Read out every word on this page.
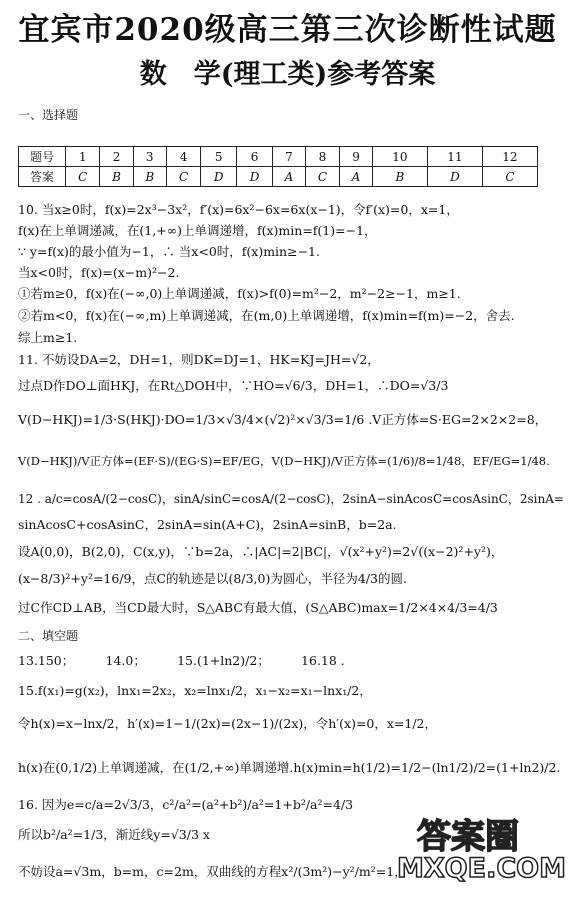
宜宾市2020级高三第三次诊断性试题
数　学(理工类)参考答案
一、选择题
题号	1	2	3	4	5	6	7	8	9	10	11	12
答案	C	B	B	C	D	D	A	C	A	B	D	C
10. 当x≥0时，f(x)=2x³−3x²，f′(x)=6x²−6x=6x(x−1)，令f′(x)=0，x=1，
f(x)在上单调递减，在(1,+∞)上单调递增，f(x)min=f(1)=−1，
∵ y=f(x)的最小值为−1，∴ 当x<0时，f(x)min≥−1.
当x<0时，f(x)=(x−m)²−2.
①若m≥0，f(x)在(−∞,0)上单调递减，f(x)>f(0)=m²−2，m²−2≥−1，m≥1.
②若m<0，f(x)在(−∞,m)上单调递减，在(m,0)上单调递增，f(x)min=f(m)=−2，舍去.
综上m≥1.
11. 不妨设DA=2，DH=1，则DK=DJ=1，HK=KJ=JH=√2，
过点D作DO⊥面HKJ，在Rt△DOH中，∵HO=√6/3，DH=1，∴DO=√3/3
V(D−HKJ)=1/3·S(HKJ)·DO=1/3×√3/4×(√2)²×√3/3=1/6 .V正方体=S·EG=2×2×2=8，
V(D−HKJ)/V正方体=(EF·S)/(EG·S)=EF/EG，V(D−HKJ)/V正方体=(1/6)/8=1/48，EF/EG=1/48.
12 . a/c=cosA/(2−cosC)，sinA/sinC=cosA/(2−cosC)，2sinA−sinAcosC=cosAsinC，2sinA=
sinAcosC+cosAsinC，2sinA=sin(A+C)，2sinA=sinB，b=2a.
设A(0,0)，B(2,0)，C(x,y)，∵b=2a，∴|AC|=2|BC|，√(x²+y²)=2√((x−2)²+y²)，
(x−8/3)²+y²=16/9，点C的轨迹是以(8/3,0)为圆心，半径为4/3的圆.
过C作CD⊥AB，当CD最大时，S△ABC有最大值，(S△ABC)max=1/2×4×4/3=4/3
二、填空题
13.150；　　　14.0；　　　15.(1+ln2)/2；　　　16.18 .
15.f(x₁)=g(x₂)，lnx₁=2x₂，x₂=lnx₁/2，x₁−x₂=x₁−lnx₁/2，
令h(x)=x−lnx/2，h′(x)=1−1/(2x)=(2x−1)/(2x)，令h′(x)=0，x=1/2，
h(x)在(0,1/2)上单调递减，在(1/2,+∞)单调递增.h(x)min=h(1/2)=1/2−(ln1/2)/2=(1+ln2)/2.
16. 因为e=c/a=2√3/3，c²/a²=(a²+b²)/a²=1+b²/a²=4/3
所以b²/a²=1/3，渐近线y=√3/3 x
不妨设a=√3m，b=m，c=2m，双曲线的方程x²/(3m²)−y²/m²=1，
答案圈
MXQE.COM
